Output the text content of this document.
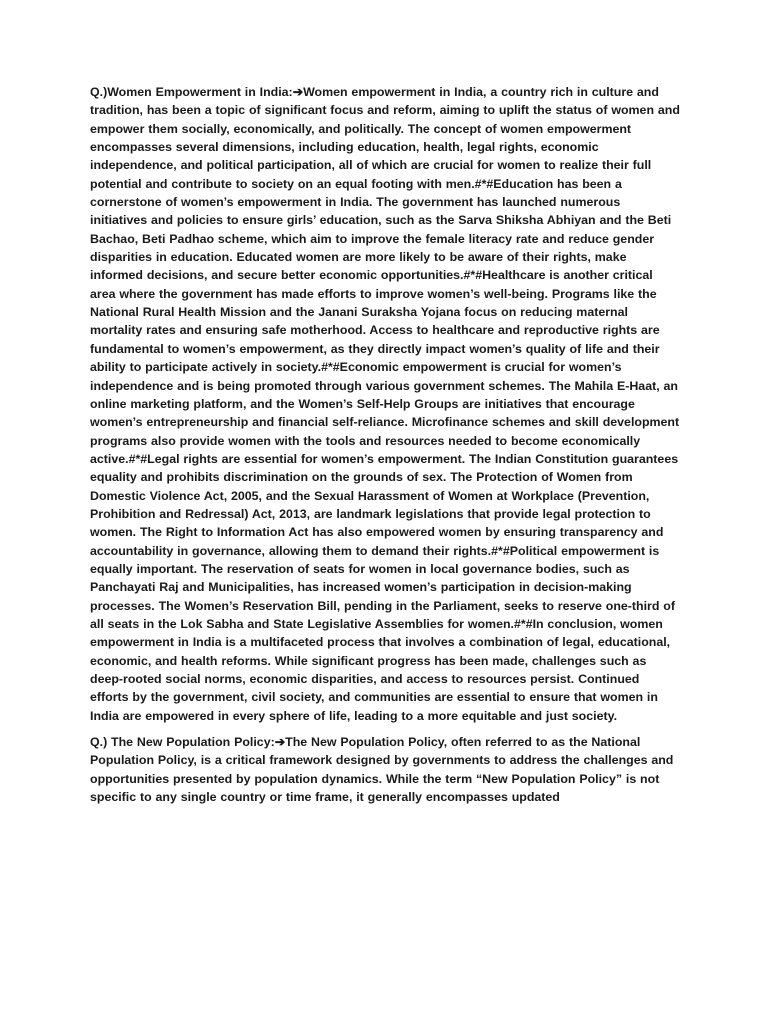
Q.)Women Empowerment in India:➔Women empowerment in India, a country rich in culture and tradition, has been a topic of significant focus and reform, aiming to uplift the status of women and empower them socially, economically, and politically. The concept of women empowerment encompasses several dimensions, including education, health, legal rights, economic independence, and political participation, all of which are crucial for women to realize their full potential and contribute to society on an equal footing with men.#*#Education has been a cornerstone of women’s empowerment in India. The government has launched numerous initiatives and policies to ensure girls’ education, such as the Sarva Shiksha Abhiyan and the Beti Bachao, Beti Padhao scheme, which aim to improve the female literacy rate and reduce gender disparities in education. Educated women are more likely to be aware of their rights, make informed decisions, and secure better economic opportunities.#*#Healthcare is another critical area where the government has made efforts to improve women’s well-being. Programs like the National Rural Health Mission and the Janani Suraksha Yojana focus on reducing maternal mortality rates and ensuring safe motherhood. Access to healthcare and reproductive rights are fundamental to women’s empowerment, as they directly impact women’s quality of life and their ability to participate actively in society.#*#Economic empowerment is crucial for women’s independence and is being promoted through various government schemes. The Mahila E-Haat, an online marketing platform, and the Women’s Self-Help Groups are initiatives that encourage women’s entrepreneurship and financial self-reliance. Microfinance schemes and skill development programs also provide women with the tools and resources needed to become economically active.#*#Legal rights are essential for women’s empowerment. The Indian Constitution guarantees equality and prohibits discrimination on the grounds of sex. The Protection of Women from Domestic Violence Act, 2005, and the Sexual Harassment of Women at Workplace (Prevention, Prohibition and Redressal) Act, 2013, are landmark legislations that provide legal protection to women. The Right to Information Act has also empowered women by ensuring transparency and accountability in governance, allowing them to demand their rights.#*#Political empowerment is equally important. The reservation of seats for women in local governance bodies, such as Panchayati Raj and Municipalities, has increased women’s participation in decision-making processes. The Women’s Reservation Bill, pending in the Parliament, seeks to reserve one-third of all seats in the Lok Sabha and State Legislative Assemblies for women.#*#In conclusion, women empowerment in India is a multifaceted process that involves a combination of legal, educational, economic, and health reforms. While significant progress has been made, challenges such as deep-rooted social norms, economic disparities, and access to resources persist. Continued efforts by the government, civil society, and communities are essential to ensure that women in India are empowered in every sphere of life, leading to a more equitable and just society.

Q.) The New Population Policy:➔The New Population Policy, often referred to as the National Population Policy, is a critical framework designed by governments to address the challenges and opportunities presented by population dynamics. While the term “New Population Policy” is not specific to any single country or time frame, it generally encompasses updated
